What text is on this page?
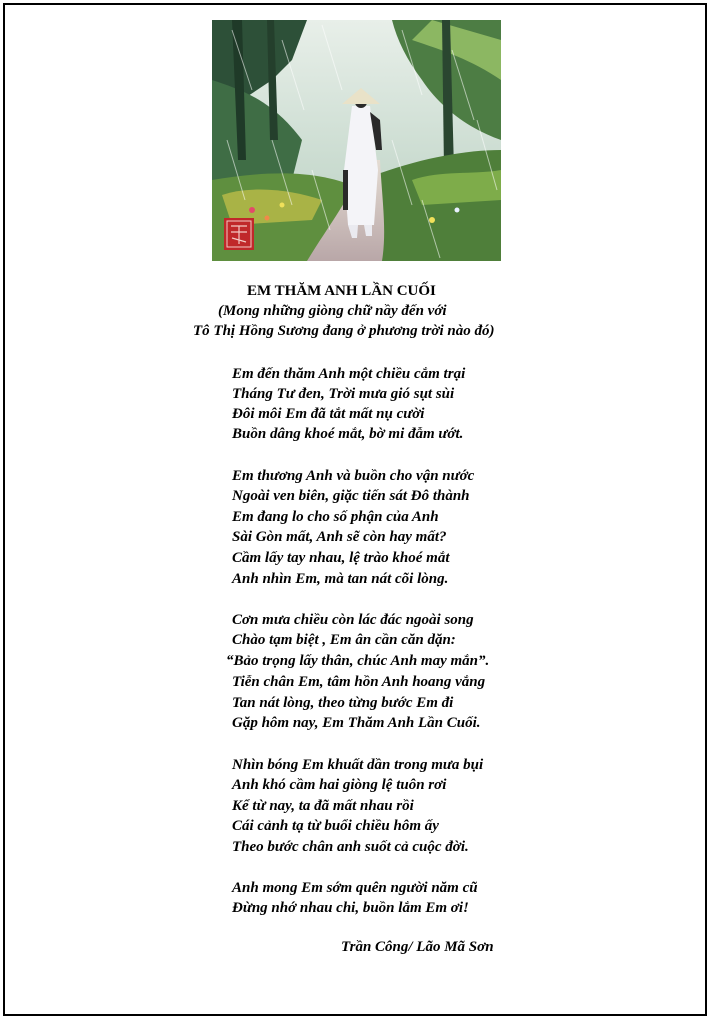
EM THĂM ANH LẦN CUỐI
(Mong những giòng chữ nầy đến với
Tô Thị Hồng Sương đang ở phương trời nào đó)
Em đến thăm Anh một chiều cắm trại
Tháng Tư đen, Trời mưa gió sụt sùi
Đôi môi Em đã tắt mất nụ cười
Buồn dâng khoé mắt, bờ mi đẫm ướt.
Em thương Anh và buồn cho vận nước
Ngoài ven biên, giặc tiến sát Đô thành
Em đang lo cho số phận của Anh
Sài Gòn mất, Anh sẽ còn hay mất?
Cầm lấy tay nhau, lệ trào khoé mắt
Anh nhìn Em, mà tan nát cõi lòng.
Cơn mưa chiều còn lác đác ngoài song
Chào tạm biệt , Em ân cần căn dặn:
“Bảo trọng lấy thân, chúc Anh may mắn”.
Tiễn chân Em, tâm hồn Anh hoang vắng
Tan nát lòng, theo từng bước Em đi
Gặp hôm nay, Em Thăm Anh Lần Cuối.
Nhìn bóng Em khuất dần trong mưa bụi
Anh khó cầm hai giòng lệ tuôn rơi
Kể từ nay, ta đã mất nhau rồi
Cái cảnh tạ từ buổi chiều hôm ấy
Theo bước chân anh suốt cả cuộc đời.
Anh mong Em sớm quên người năm cũ
Đừng nhớ nhau chi, buồn lắm Em ơi!
Trần Công/ Lão Mã Sơn
